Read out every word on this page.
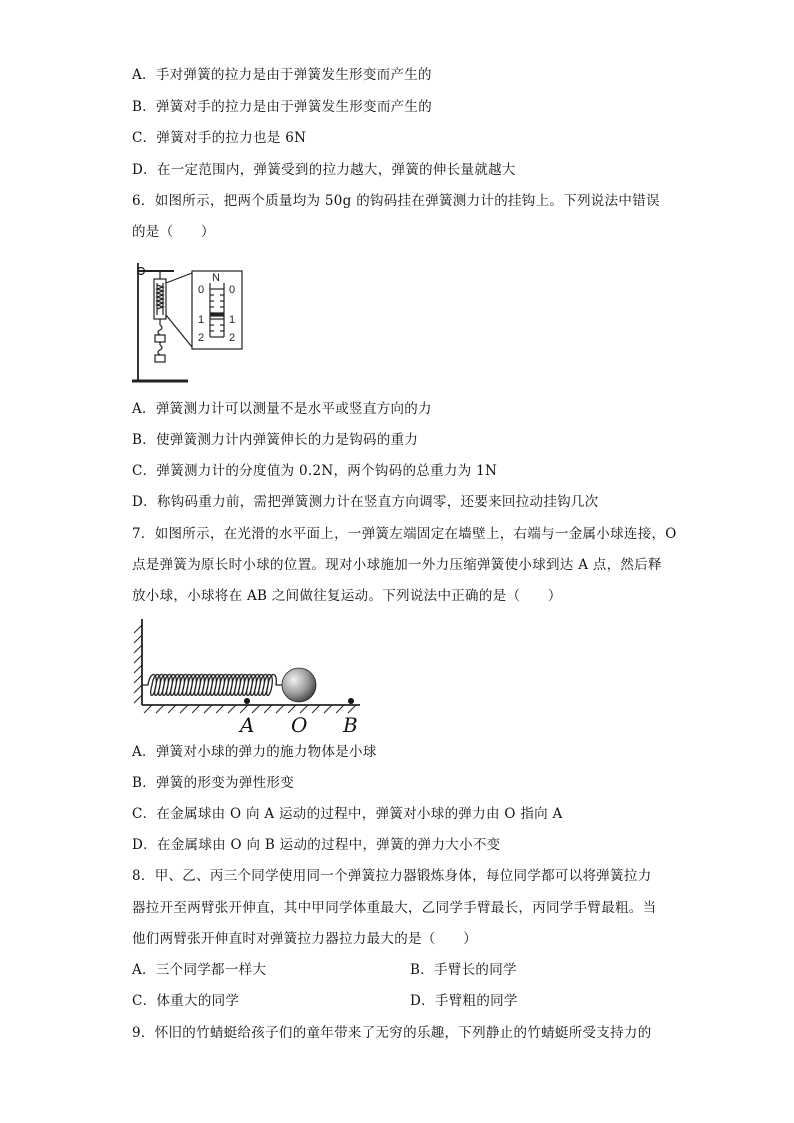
A．手对弹簧的拉力是由于弹簧发生形变而产生的
B．弹簧对手的拉力是由于弹簧发生形变而产生的
C．弹簧对手的拉力也是 6N
D．在一定范围内，弹簧受到的拉力越大，弹簧的伸长量就越大
6．如图所示，把两个质量均为 50g 的钩码挂在弹簧测力计的挂钩上。下列说法中错误
的是（　　）
N
0
1
2
0
1
2
A．弹簧测力计可以测量不是水平或竖直方向的力
B．使弹簧测力计内弹簧伸长的力是钩码的重力
C．弹簧测力计的分度值为 0.2N，两个钩码的总重力为 1N
D．称钩码重力前，需把弹簧测力计在竖直方向调零，还要来回拉动挂钩几次
7．如图所示，在光滑的水平面上，一弹簧左端固定在墙壁上，右端与一金属小球连接，O
点是弹簧为原长时小球的位置。现对小球施加一外力压缩弹簧使小球到达 A 点，然后释
放小球，小球将在 AB 之间做往复运动。下列说法中正确的是（　　）
A O B
A．弹簧对小球的弹力的施力物体是小球
B．弹簧的形变为弹性形变
C．在金属球由 O 向 A 运动的过程中，弹簧对小球的弹力由 O 指向 A
D．在金属球由 O 向 B 运动的过程中，弹簧的弹力大小不变
8．甲、乙、丙三个同学使用同一个弹簧拉力器锻炼身体，每位同学都可以将弹簧拉力
器拉开至两臂张开伸直，其中甲同学体重最大，乙同学手臂最长，丙同学手臂最粗。当
他们两臂张开伸直时对弹簧拉力器拉力最大的是（　　）
A．三个同学都一样大	B．手臂长的同学
C．体重大的同学	D．手臂粗的同学
9．怀旧的竹蜻蜓给孩子们的童年带来了无穷的乐趣，下列静止的竹蜻蜓所受支持力的
